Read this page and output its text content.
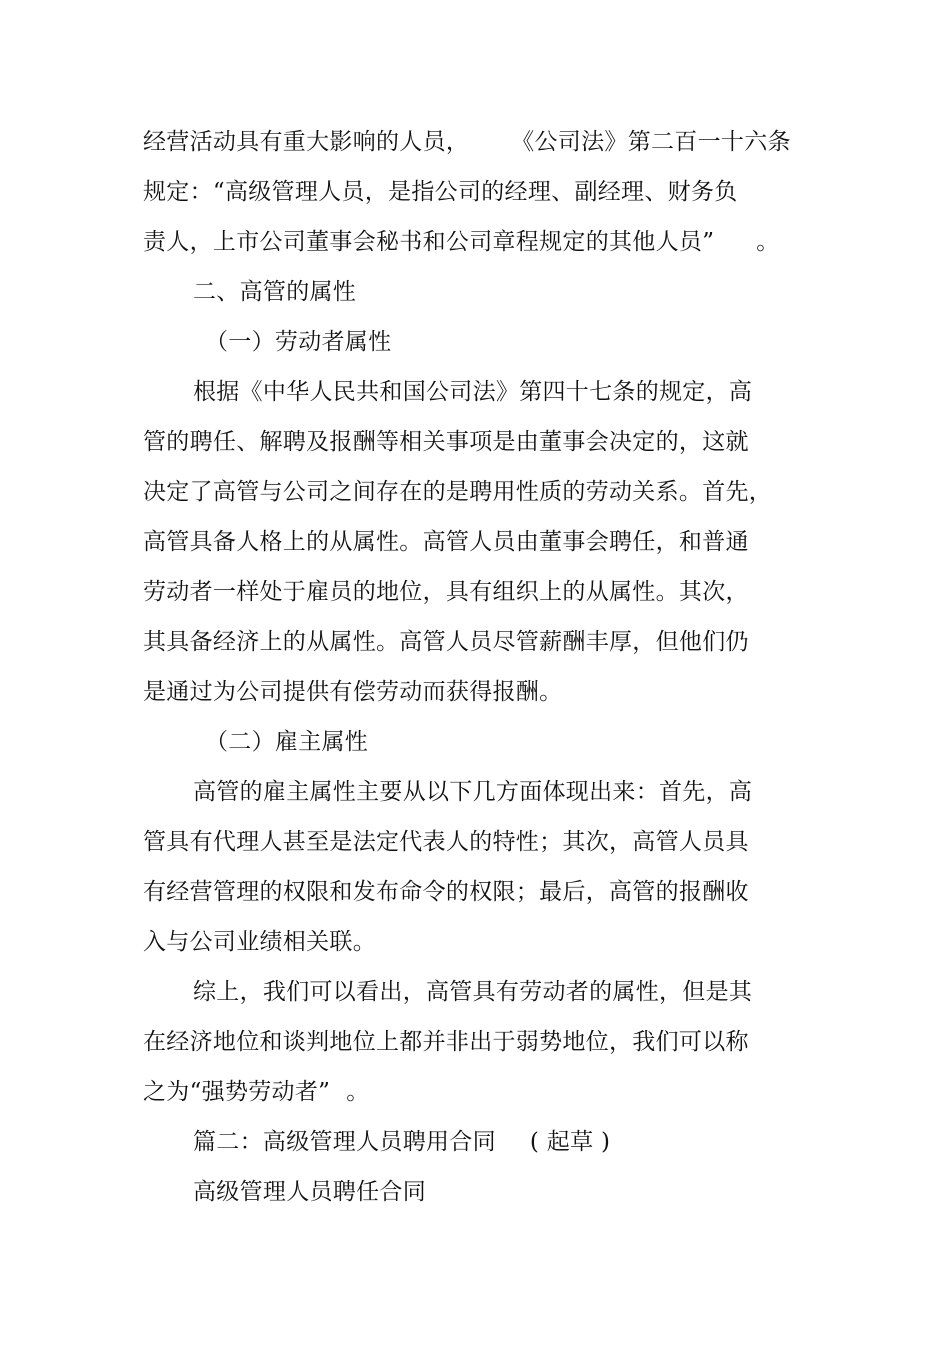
经营活动具有重大影响的人员， 《公司法》第二百一十六条
规定：“高级管理人员，是指公司的经理、副经理、财务负
责人，上市公司董事会秘书和公司章程规定的其他人员” 。
二、高管的属性
（一）劳动者属性
根据《中华人民共和国公司法》第四十七条的规定，高
管的聘任、解聘及报酬等相关事项是由董事会决定的，这就
决定了高管与公司之间存在的是聘用性质的劳动关系。首先，
高管具备人格上的从属性。高管人员由董事会聘任，和普通
劳动者一样处于雇员的地位，具有组织上的从属性。其次，
其具备经济上的从属性。高管人员尽管薪酬丰厚，但他们仍
是通过为公司提供有偿劳动而获得报酬。
（二）雇主属性
高管的雇主属性主要从以下几方面体现出来：首先，高
管具有代理人甚至是法定代表人的特性；其次，高管人员具
有经营管理的权限和发布命令的权限；最后，高管的报酬收
入与公司业绩相关联。
综上，我们可以看出，高管具有劳动者的属性，但是其
在经济地位和谈判地位上都并非出于弱势地位，我们可以称
之为“强势劳动者” 。
篇二：高级管理人员聘用合同 ( 起草 )
高级管理人员聘任合同
